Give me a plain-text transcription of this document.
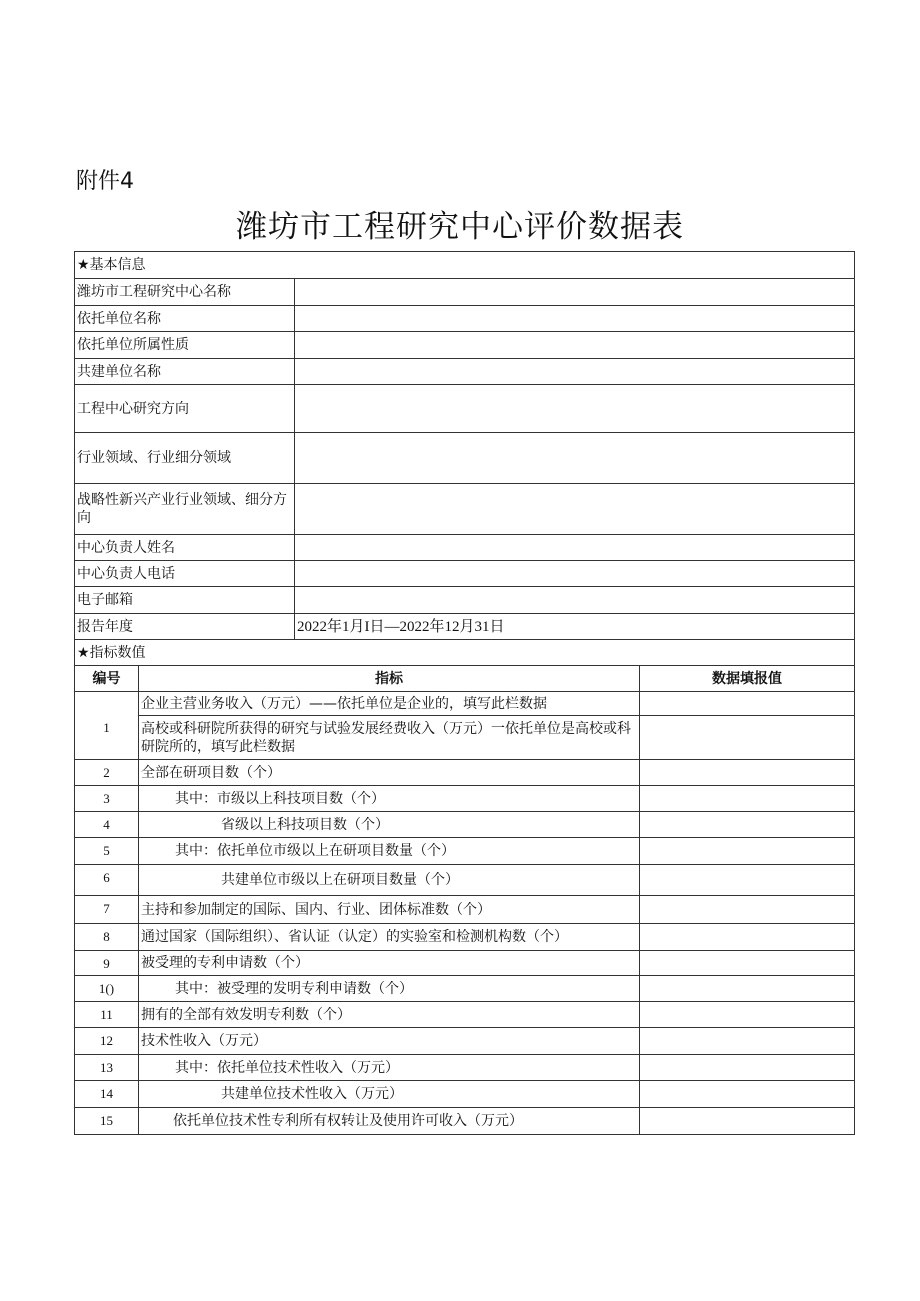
附件4
潍坊市工程研究中心评价数据表
★基本信息			
潍坊市工程研究中心名称			
依托单位名称			
依托单位所属性质			
共建单位名称			
工程中心研究方向			
行业领域、行业细分领域			
战略性新兴产业行业领域、细分方向			
中心负责人姓名			
中心负责人电话			
电子邮箱			
报告年度		2022年1月I日—2022年12月31日	
★指标数值			
编号	指标		数据填报值
1	企业主营业务收入（万元）——依托单位是企业的，填写此栏数据		
	高校或科研院所获得的研究与试验发展经费收入（万元）一依托单位是高校或科研院所的，填写此栏数据		
2	全部在研项目数（个）		
3	其中：市级以上科技项目数（个）		
4	省级以上科技项目数（个）		
5	其中：依托单位市级以上在研项目数量（个）		
6	共建单位市级以上在研项目数量（个）		
7	主持和参加制定的国际、国内、行业、团体标准数（个）		
8	通过国家（国际组织）、省认证（认定）的实验室和检测机构数（个）		
9	被受理的专利申请数（个）		
1()	其中：被受理的发明专利申请数（个）		
11	拥有的全部有效发明专利数（个）		
12	技术性收入（万元）		
13	其中：依托单位技术性收入（万元）		
14	共建单位技术性收入（万元）		
15	依托单位技术性专利所有权转让及使用许可收入（万元）		
